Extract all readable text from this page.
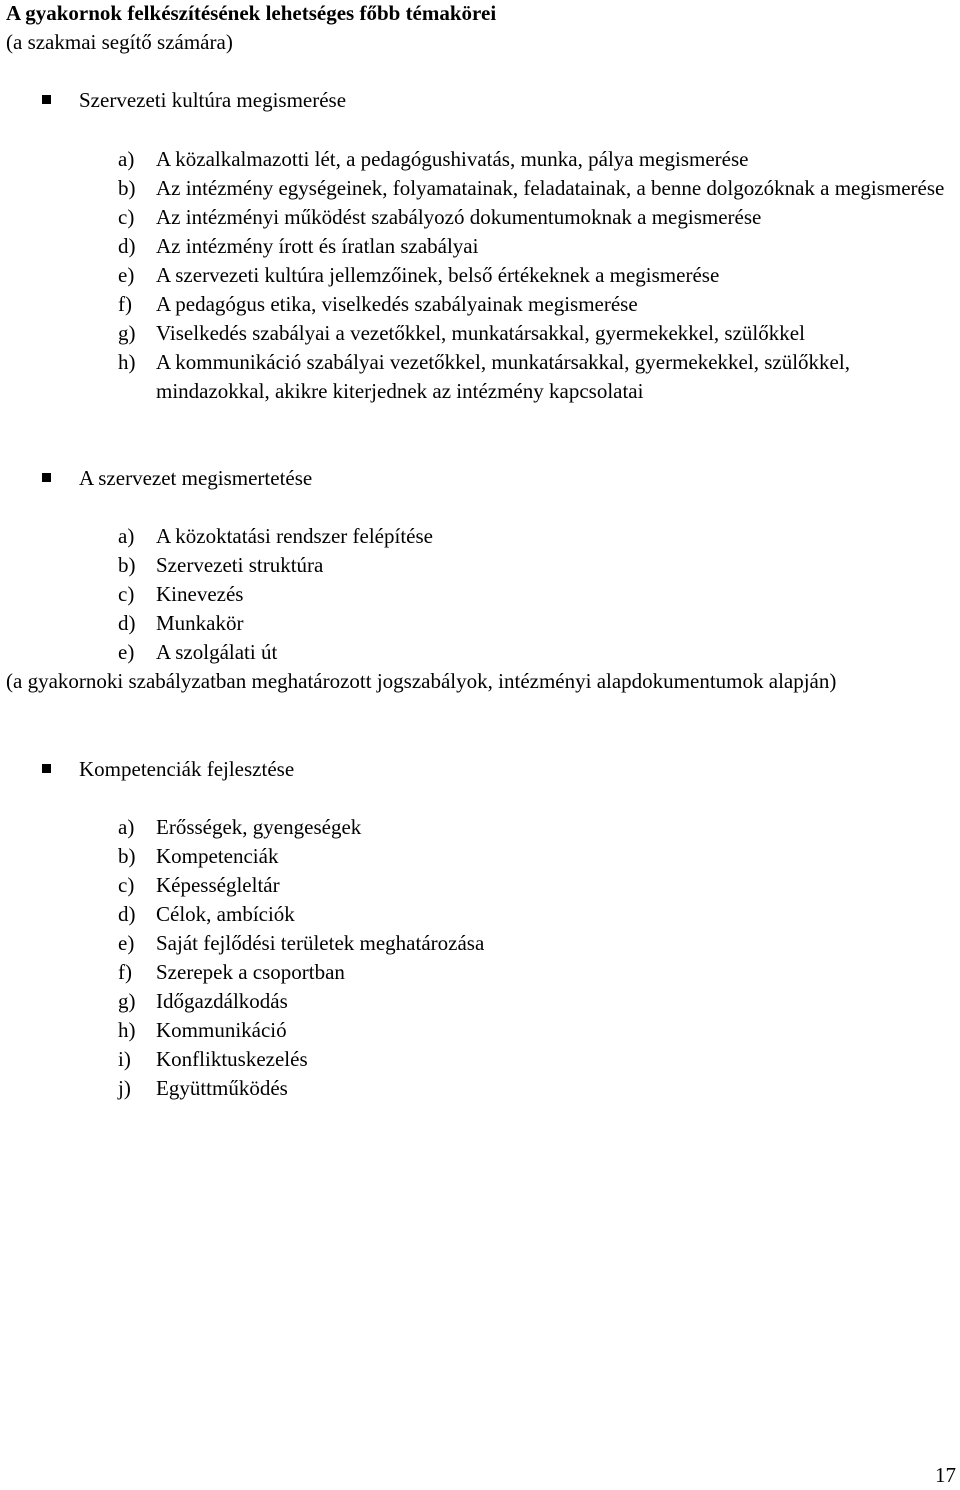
A gyakornok felkészítésének lehetséges főbb témakörei
(a szakmai segítő számára)
Szervezeti kultúra megismerése
a) A közalkalmazotti lét, a pedagógushivatás, munka, pálya megismerése
b) Az intézmény egységeinek, folyamatainak, feladatainak, a benne dolgozóknak a megismerése
c) Az intézményi működést szabályozó dokumentumoknak a megismerése
d) Az intézmény írott és íratlan szabályai
e) A szervezeti kultúra jellemzőinek, belső értékeknek a megismerése
f) A pedagógus etika, viselkedés szabályainak megismerése
g) Viselkedés szabályai a vezetőkkel, munkatársakkal, gyermekekkel, szülőkkel
h) A kommunikáció szabályai vezetőkkel, munkatársakkal, gyermekekkel, szülőkkel, mindazokkal, akikre kiterjednek az intézmény kapcsolatai
A szervezet megismertetése
a) A közoktatási rendszer felépítése
b) Szervezeti struktúra
c) Kinevezés
d) Munkakör
e) A szolgálati út
(a gyakornoki szabályzatban meghatározott jogszabályok, intézményi alapdokumentumok alapján)
Kompetenciák fejlesztése
a) Erősségek, gyengeségek
b) Kompetenciák
c) Képességleltár
d) Célok, ambíciók
e) Saját fejlődési területek meghatározása
f) Szerepek a csoportban
g) Időgazdálkodás
h) Kommunikáció
i) Konfliktuskezelés
j) Együttműködés
17
